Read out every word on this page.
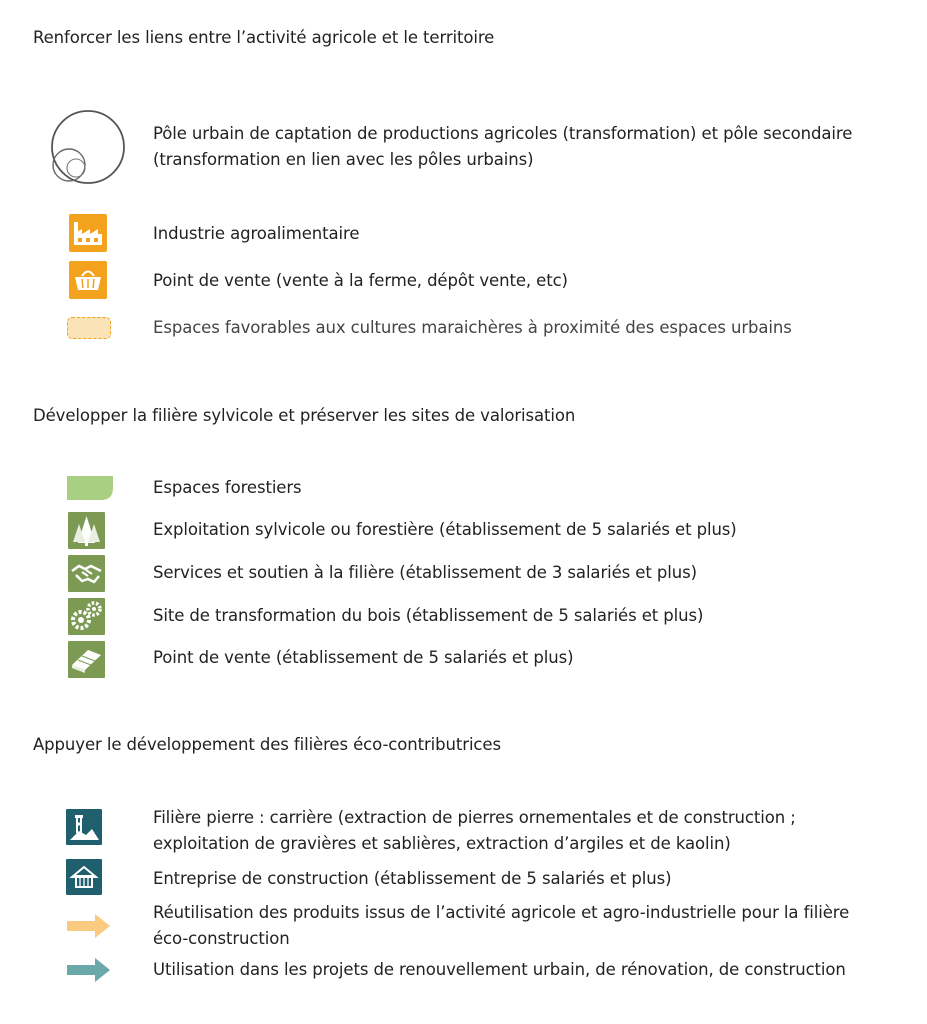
Renforcer les liens entre l’activité agricole et le territoire
Pôle urbain de captation de productions agricoles (transformation) et pôle secondaire
(transformation en lien avec les pôles urbains)
Industrie agroalimentaire
Point de vente (vente à la ferme, dépôt vente, etc)
Espaces favorables aux cultures maraichères à proximité des espaces urbains
Développer la filière sylvicole et préserver les sites de valorisation
Espaces forestiers
Exploitation sylvicole ou forestière (établissement de 5 salariés et plus)
Services et soutien à la filière (établissement de 3 salariés et plus)
Site de transformation du bois (établissement de 5 salariés et plus)
Point de vente (établissement de 5 salariés et plus)
Appuyer le développement des filières éco-contributrices
Filière pierre : carrière (extraction de pierres ornementales et de construction ;
exploitation de gravières et sablières, extraction d’argiles et de kaolin)
Entreprise de construction (établissement de 5 salariés et plus)
Réutilisation des produits issus de l’activité agricole et agro-industrielle pour la filière
éco-construction
Utilisation dans les projets de renouvellement urbain, de rénovation, de construction
